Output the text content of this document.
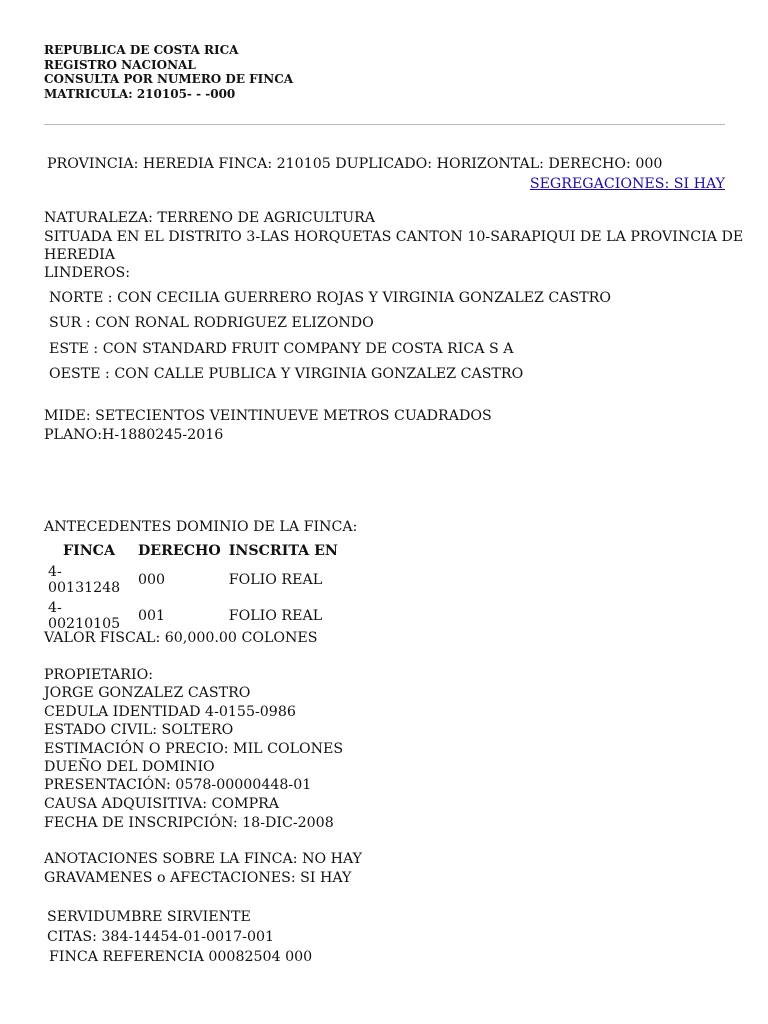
REPUBLICA DE COSTA RICA
REGISTRO NACIONAL
CONSULTA POR NUMERO DE FINCA
MATRICULA: 210105- - -000
PROVINCIA: HEREDIA FINCA: 210105 DUPLICADO: HORIZONTAL: DERECHO: 000
SEGREGACIONES: SI HAY
NATURALEZA: TERRENO DE AGRICULTURA
SITUADA EN EL DISTRITO 3-LAS HORQUETAS CANTON 10-SARAPIQUI DE LA PROVINCIA DE
HEREDIA
LINDEROS:
NORTE : CON CECILIA GUERRERO ROJAS Y VIRGINIA GONZALEZ CASTRO
SUR : CON RONAL RODRIGUEZ ELIZONDO
ESTE : CON STANDARD FRUIT COMPANY DE COSTA RICA S A
OESTE : CON CALLE PUBLICA Y VIRGINIA GONZALEZ CASTRO
MIDE: SETECIENTOS VEINTINUEVE METROS CUADRADOS
PLANO:H-1880245-2016
ANTECEDENTES DOMINIO DE LA FINCA:
FINCA	DERECHO	INSCRITA EN
4-00131248	000	FOLIO REAL
4-00210105	001	FOLIO REAL
VALOR FISCAL: 60,000.00 COLONES
PROPIETARIO:
JORGE GONZALEZ CASTRO
CEDULA IDENTIDAD 4-0155-0986
ESTADO CIVIL: SOLTERO
ESTIMACIÓN O PRECIO: MIL COLONES
DUEÑO DEL DOMINIO
PRESENTACIÓN: 0578-00000448-01
CAUSA ADQUISITIVA: COMPRA
FECHA DE INSCRIPCIÓN: 18-DIC-2008
ANOTACIONES SOBRE LA FINCA: NO HAY
GRAVAMENES o AFECTACIONES: SI HAY
SERVIDUMBRE SIRVIENTE
CITAS: 384-14454-01-0017-001
FINCA REFERENCIA 00082504 000
